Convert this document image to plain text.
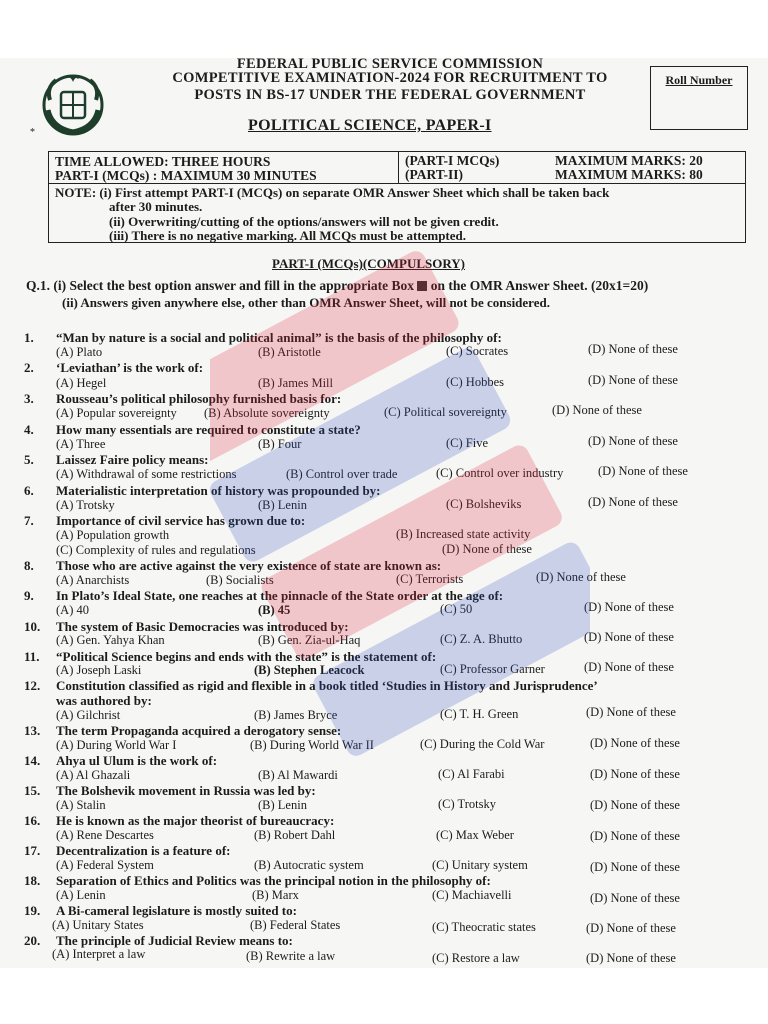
FEDERAL PUBLIC SERVICE COMMISSION
COMPETITIVE EXAMINATION-2024 FOR RECRUITMENT TO
POSTS IN BS-17 UNDER THE FEDERAL GOVERNMENT
Roll Number
*	POLITICAL SCIENCE, PAPER-I
TIME ALLOWED: THREE HOURS
PART-I (MCQs) : MAXIMUM 30 MINUTES
(PART-I MCQs)	MAXIMUM MARKS: 20
(PART-II)	MAXIMUM MARKS: 80
NOTE: (i) First attempt PART-I (MCQs) on separate OMR Answer Sheet which shall be taken back
after 30 minutes.
(ii) Overwriting/cutting of the options/answers will not be given credit.
(iii) There is no negative marking. All MCQs must be attempted.
PART-I (MCQs)(COMPULSORY)
Q.1. (i) Select the best option answer and fill in the appropriate Box on the OMR Answer Sheet. (20x1=20)
(ii) Answers given anywhere else, other than OMR Answer Sheet, will not be considered.
1. “Man by nature is a social and political animal” is the basis of the philosophy of:
(A) Plato	(B) Aristotle	(C) Socrates	(D) None of these
2. ‘Leviathan’ is the work of:
(A) Hegel	(B) James Mill	(C) Hobbes	(D) None of these
3. Rousseau’s political philosophy furnished basis for:
(A) Popular sovereignty (B) Absolute sovereignty	(C) Political sovereignty	(D) None of these
4. How many essentials are required to constitute a state?
(A) Three	(B) Four	(C) Five	(D) None of these
5. Laissez Faire policy means:
(A) Withdrawal of some restrictions	(B) Control over trade	(C) Control over industry	(D) None of these
6. Materialistic interpretation of history was propounded by:
(A) Trotsky	(B) Lenin	(C) Bolsheviks	(D) None of these
7. Importance of civil service has grown due to:
(A) Population growth	(B) Increased state activity
(C) Complexity of rules and regulations	(D) None of these
8. Those who are active against the very existence of state are known as:
(A) Anarchists	(B) Socialists	(C) Terrorists	(D) None of these
9. In Plato’s Ideal State, one reaches at the pinnacle of the State order at the age of:
(A) 40	(B) 45	(C) 50	(D) None of these
10. The system of Basic Democracies was introduced by:
(A) Gen. Yahya Khan	(B) Gen. Zia-ul-Haq	(C) Z. A. Bhutto	(D) None of these
11. “Political Science begins and ends with the state” is the statement of:
(A) Joseph Laski	(B) Stephen Leacock	(C) Professor Garner	(D) None of these
12. Constitution classified as rigid and flexible in a book titled ‘Studies in History and Jurisprudence’
was authored by:
(A) Gilchrist	(B) James Bryce	(C) T. H. Green	(D) None of these
13. The term Propaganda acquired a derogatory sense:
(A) During World War I	(B) During World War II	(C) During the Cold War	(D) None of these
14. Ahya ul Ulum is the work of:
(A) Al Ghazali	(B) Al Mawardi	(C) Al Farabi	(D) None of these
15. The Bolshevik movement in Russia was led by:
(A) Stalin	(B) Lenin	(C) Trotsky	(D) None of these
16. He is known as the major theorist of bureaucracy:
(A) Rene Descartes	(B) Robert Dahl	(C) Max Weber	(D) None of these
17. Decentralization is a feature of:
(A) Federal System	(B) Autocratic system	(C) Unitary system	(D) None of these
18. Separation of Ethics and Politics was the principal notion in the philosophy of:
(A) Lenin	(B) Marx	(C) Machiavelli	(D) None of these
19. A Bi-cameral legislature is mostly suited to:
(A) Unitary States	(B) Federal States	(C) Theocratic states	(D) None of these
20. The principle of Judicial Review means to:
(A) Interpret a law	(B) Rewrite a law	(C) Restore a law	(D) None of these
